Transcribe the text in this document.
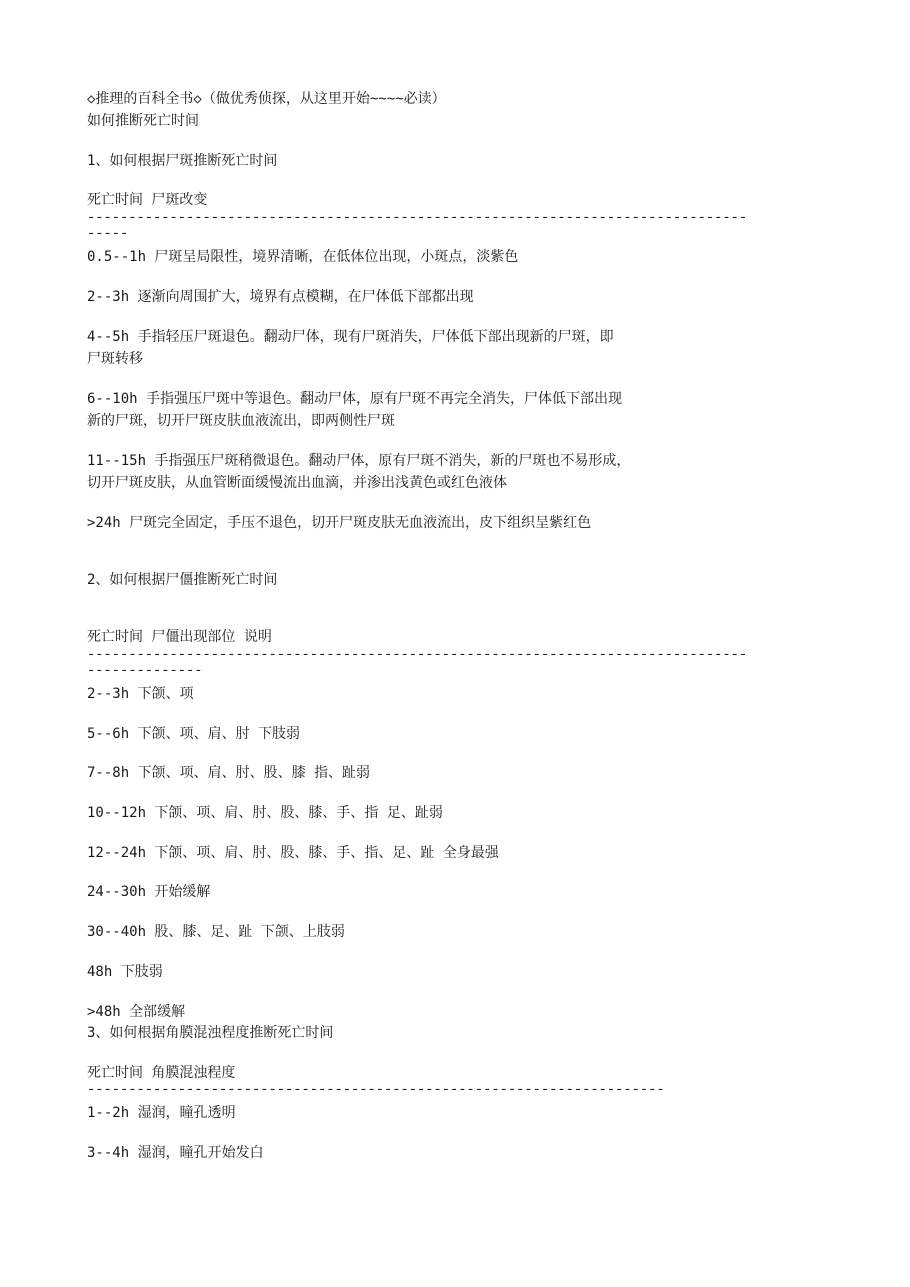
◇推理的百科全书◇（做优秀侦探，从这里开始~~~~必读）

如何推断死亡时间

1、如何根据尸斑推断死亡时间

死亡时间 尸斑改变

--------------------------------------------------------------------------------

-----

0.5--1h 尸斑呈局限性，境界清晰，在低体位出现，小斑点，淡紫色

2--3h 逐渐向周围扩大，境界有点模糊，在尸体低下部都出现

4--5h 手指轻压尸斑退色。翻动尸体，现有尸斑消失，尸体低下部出现新的尸斑，即

尸斑转移

6--10h 手指强压尸斑中等退色。翻动尸体，原有尸斑不再完全消失，尸体低下部出现

新的尸斑，切开尸斑皮肤血液流出，即两侧性尸斑

11--15h 手指强压尸斑稍微退色。翻动尸体，原有尸斑不消失，新的尸斑也不易形成，

切开尸斑皮肤，从血管断面缓慢流出血滴，并渗出浅黄色或红色液体

>24h 尸斑完全固定，手压不退色，切开尸斑皮肤无血液流出，皮下组织呈紫红色

2、如何根据尸僵推断死亡时间

死亡时间 尸僵出现部位 说明

--------------------------------------------------------------------------------

--------------

2--3h 下颌、项

5--6h 下颌、项、肩、肘 下肢弱

7--8h 下颌、项、肩、肘、股、膝 指、趾弱

10--12h 下颌、项、肩、肘、股、膝、手、指 足、趾弱

12--24h 下颌、项、肩、肘、股、膝、手、指、足、趾 全身最强

24--30h 开始缓解

30--40h 股、膝、足、趾 下颌、上肢弱

48h 下肢弱

>48h 全部缓解

3、如何根据角膜混浊程度推断死亡时间

死亡时间 角膜混浊程度

----------------------------------------------------------------------

1--2h 湿润，瞳孔透明

3--4h 湿润，瞳孔开始发白
